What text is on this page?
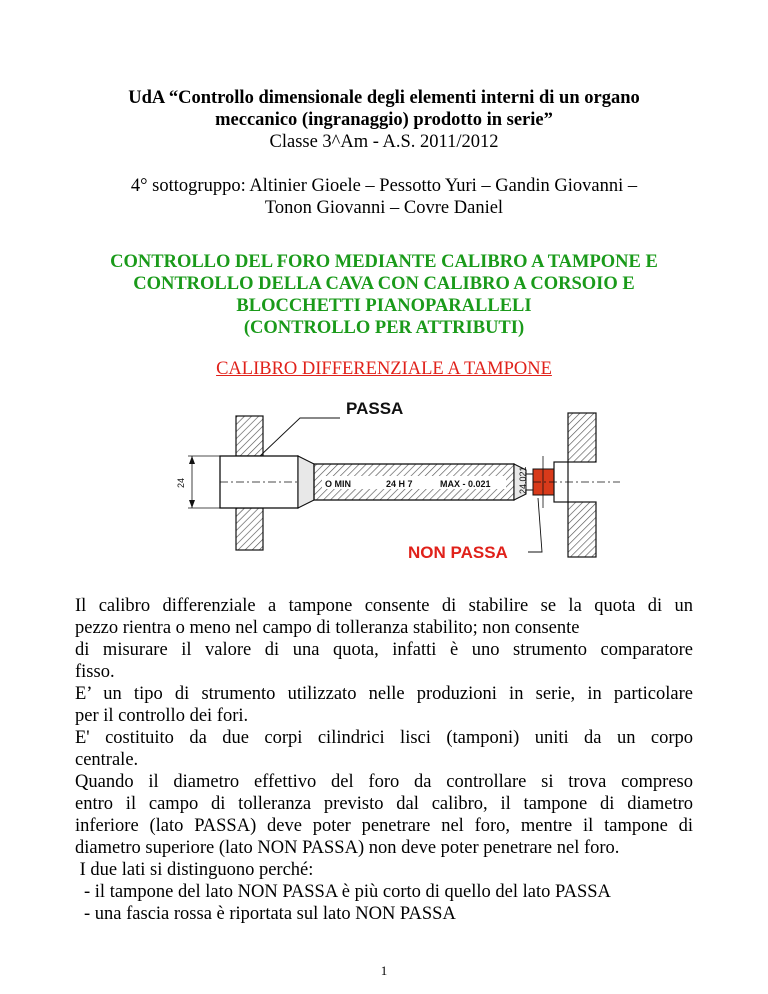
UdA “Controllo dimensionale degli elementi interni di un organo
meccanico (ingranaggio) prodotto in serie”
Classe 3^Am - A.S. 2011/2012
4° sottogruppo: Altinier Gioele – Pessotto Yuri – Gandin Giovanni –
Tonon Giovanni – Covre Daniel
CONTROLLO DEL FORO MEDIANTE CALIBRO A TAMPONE E
CONTROLLO DELLA CAVA CON CALIBRO A CORSOIO E
BLOCCHETTI PIANOPARALLELI
(CONTROLLO PER ATTRIBUTI)
CALIBRO DIFFERENZIALE A TAMPONE
O MIN	24 H 7	MAX - 0.021
24	24.021
PASSA
NON PASSA
Il calibro differenziale a tampone consente di stabilire se la quota di un
pezzo rientra o meno nel campo di tolleranza stabilito; non consente
di misurare il valore di una quota, infatti è uno strumento comparatore
fisso.
E’ un tipo di strumento utilizzato nelle produzioni in serie, in particolare
per il controllo dei fori.
E' costituito da due corpi cilindrici lisci (tamponi) uniti da un corpo
centrale.
Quando il diametro effettivo del foro da controllare si trova compreso
entro il campo di tolleranza previsto dal calibro, il tampone di diametro
inferiore (lato PASSA) deve poter penetrare nel foro, mentre il tampone di
diametro superiore (lato NON PASSA) non deve poter penetrare nel foro.
I due lati si distinguono perché:
- il tampone del lato NON PASSA è più corto di quello del lato PASSA
- una fascia rossa è riportata sul lato NON PASSA
1
